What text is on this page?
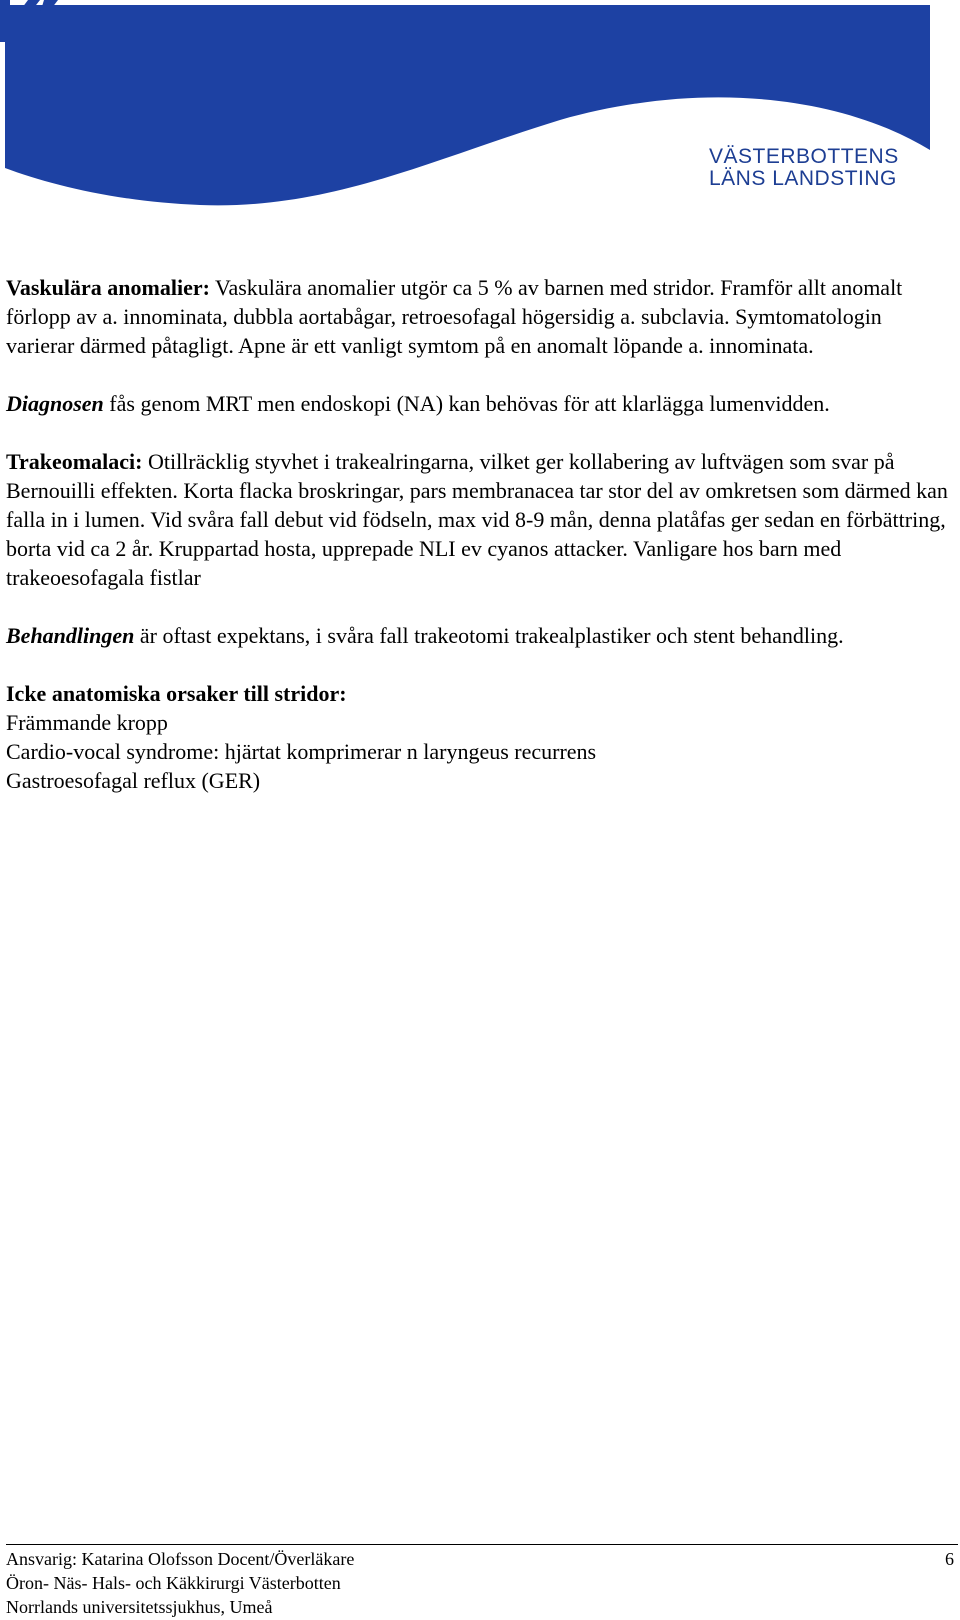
VÄSTERBOTTENS
LÄNS LANDSTING

Vaskulära anomalier: Vaskulära anomalier utgör ca 5 % av barnen med stridor. Framför allt anomalt förlopp av a. innominata, dubbla aortabågar, retroesofagal högersidig a. subclavia. Symtomatologin varierar därmed påtagligt. Apne är ett vanligt symtom på en anomalt löpande a. innominata.

Diagnosen fås genom MRT men endoskopi (NA) kan behövas för att klarlägga lumenvidden.

Trakeomalaci: Otillräcklig styvhet i trakealringarna, vilket ger kollabering av luftvägen som svar på Bernouilli effekten. Korta flacka broskringar, pars membranacea tar stor del av omkretsen som därmed kan falla in i lumen. Vid svåra fall debut vid födseln, max vid 8-9 mån, denna platåfas ger sedan en förbättring, borta vid ca 2 år. Kruppartad hosta, upprepade NLI ev cyanos attacker. Vanligare hos barn med trakeoesofagala fistlar

Behandlingen är oftast expektans, i svåra fall trakeotomi trakealplastiker och stent behandling.

Icke anatomiska orsaker till stridor:
Främmande kropp
Cardio-vocal syndrome: hjärtat komprimerar n laryngeus recurrens
Gastroesofagal reflux (GER)

Ansvarig: Katarina Olofsson Docent/Överläkare
Öron- Näs- Hals- och Käkkirurgi Västerbotten
Norrlands universitetssjukhus, Umeå
6
